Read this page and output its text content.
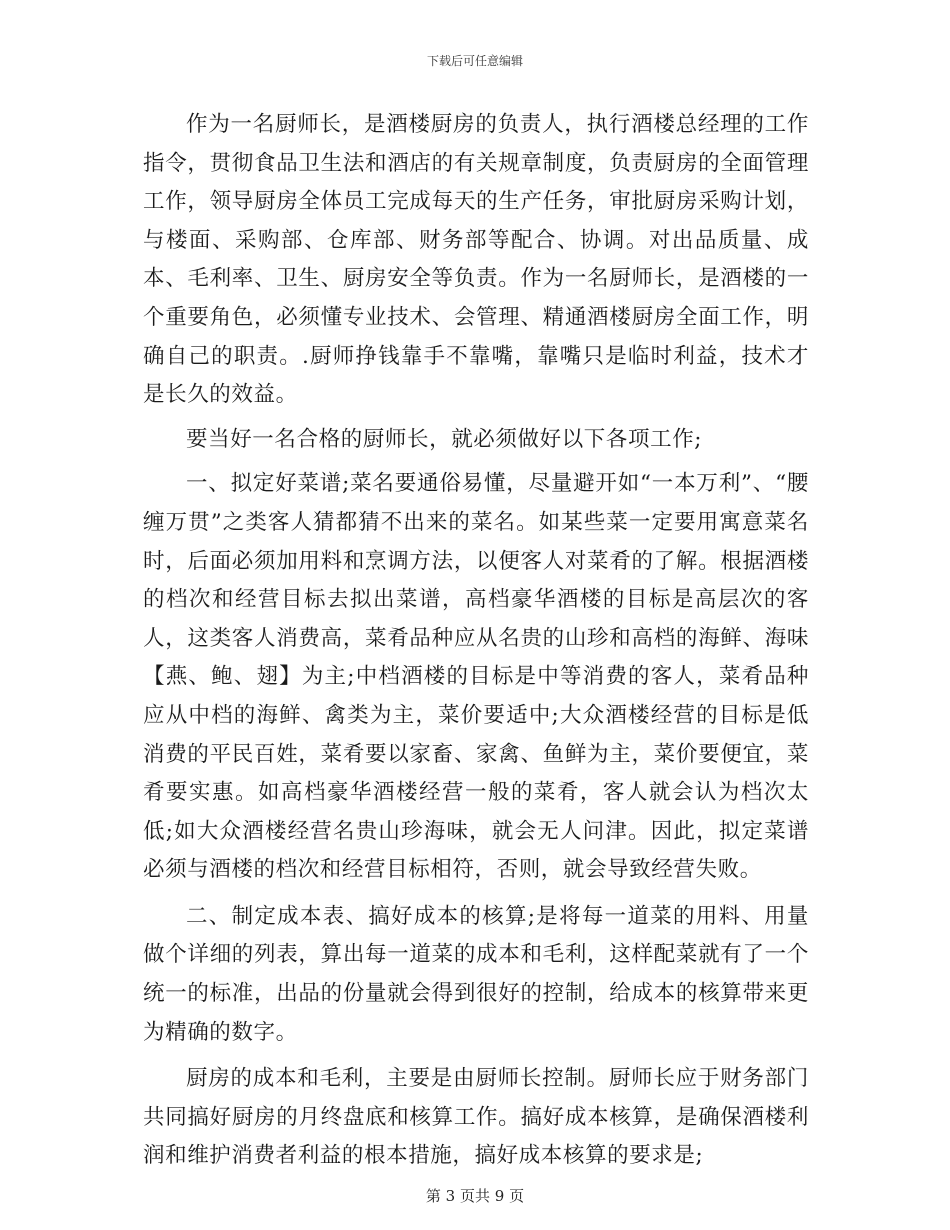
下载后可任意编辑

作为一名厨师长，是酒楼厨房的负责人，执行酒楼总经理的工作指令，贯彻食品卫生法和酒店的有关规章制度，负责厨房的全面管理工作，领导厨房全体员工完成每天的生产任务，审批厨房采购计划，与楼面、采购部、仓库部、财务部等配合、协调。对出品质量、成本、毛利率、卫生、厨房安全等负责。作为一名厨师长，是酒楼的一个重要角色，必须懂专业技术、会管理、精通酒楼厨房全面工作，明确自己的职责。.厨师挣钱靠手不靠嘴，靠嘴只是临时利益，技术才是长久的效益。

要当好一名合格的厨师长，就必须做好以下各项工作;

一、拟定好菜谱;菜名要通俗易懂，尽量避开如“一本万利”、“腰缠万贯”之类客人猜都猜不出来的菜名。如某些菜一定要用寓意菜名时，后面必须加用料和烹调方法，以便客人对菜肴的了解。根据酒楼的档次和经营目标去拟出菜谱，高档豪华酒楼的目标是高层次的客人，这类客人消费高，菜肴品种应从名贵的山珍和高档的海鲜、海味【燕、鲍、翅】为主;中档酒楼的目标是中等消费的客人，菜肴品种应从中档的海鲜、禽类为主，菜价要适中;大众酒楼经营的目标是低消费的平民百姓，菜肴要以家畜、家禽、鱼鲜为主，菜价要便宜，菜肴要实惠。如高档豪华酒楼经营一般的菜肴，客人就会认为档次太低;如大众酒楼经营名贵山珍海味，就会无人问津。因此，拟定菜谱必须与酒楼的档次和经营目标相符，否则，就会导致经营失败。

二、制定成本表、搞好成本的核算;是将每一道菜的用料、用量做个详细的列表，算出每一道菜的成本和毛利，这样配菜就有了一个统一的标准，出品的份量就会得到很好的控制，给成本的核算带来更为精确的数字。

厨房的成本和毛利，主要是由厨师长控制。厨师长应于财务部门共同搞好厨房的月终盘底和核算工作。搞好成本核算，是确保酒楼利润和维护消费者利益的根本措施，搞好成本核算的要求是;

第 3 页共 9 页
